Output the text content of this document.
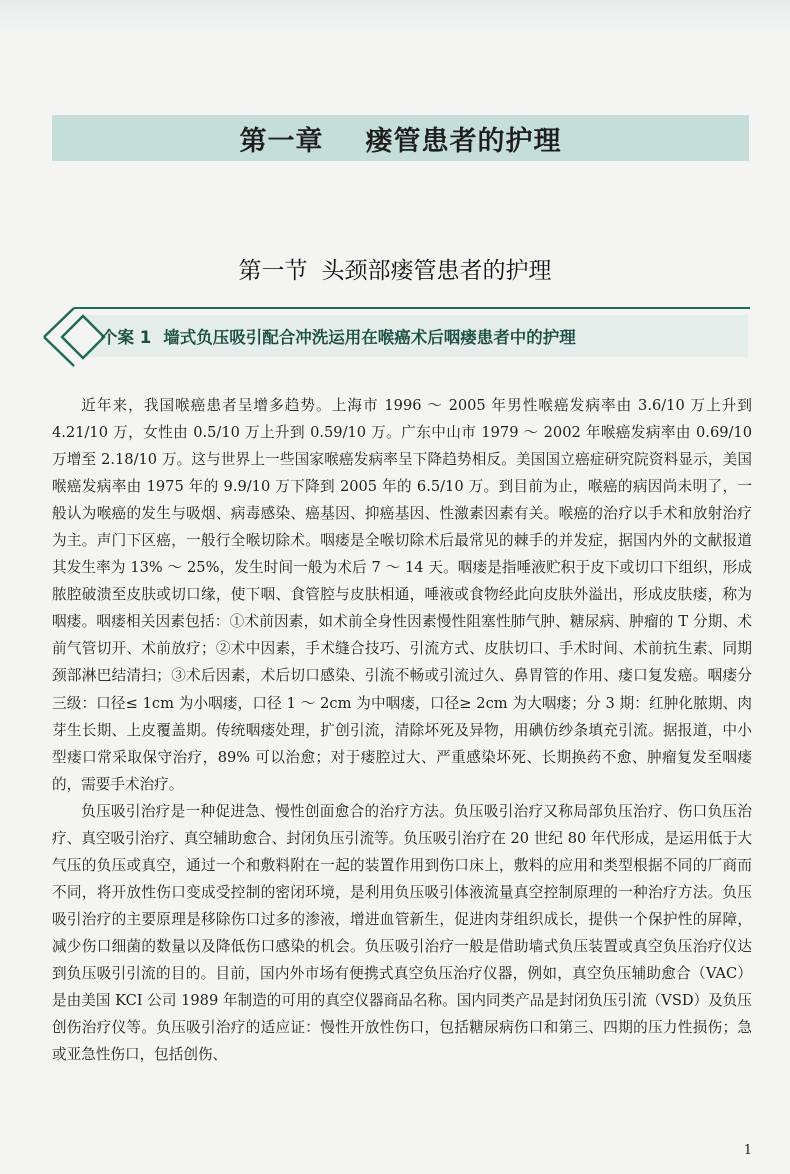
第一章 瘘管患者的护理
第一节 头颈部瘘管患者的护理
个案 1 墙式负压吸引配合冲洗运用在喉癌术后咽瘘患者中的护理

近年来，我国喉癌患者呈增多趋势。上海市 1996 ～ 2005 年男性喉癌发病率由 3.6/10 万上升到 4.21/10 万，女性由 0.5/10 万上升到 0.59/10 万。广东中山市 1979 ～ 2002 年喉癌发病率由 0.69/10 万增至 2.18/10 万。这与世界上一些国家喉癌发病率呈下降趋势相反。美国国立癌症研究院资料显示，美国喉癌发病率由 1975 年的 9.9/10 万下降到 2005 年的 6.5/10 万。到目前为止，喉癌的病因尚未明了，一般认为喉癌的发生与吸烟、病毒感染、癌基因、抑癌基因、性激素因素有关。喉癌的治疗以手术和放射治疗为主。声门下区癌，一般行全喉切除术。咽瘘是全喉切除术后最常见的棘手的并发症，据国内外的文献报道其发生率为 13% ～ 25%，发生时间一般为术后 7 ～ 14 天。咽瘘是指唾液贮积于皮下或切口下组织，形成脓腔破溃至皮肤或切口缘，使下咽、食管腔与皮肤相通，唾液或食物经此向皮肤外溢出，形成皮肤瘘，称为咽瘘。咽瘘相关因素包括：①术前因素，如术前全身性因素慢性阻塞性肺气肿、糖尿病、肿瘤的 T 分期、术前气管切开、术前放疗；②术中因素，手术缝合技巧、引流方式、皮肤切口、手术时间、术前抗生素、同期颈部淋巴结清扫；③术后因素，术后切口感染、引流不畅或引流过久、鼻胃管的作用、瘘口复发癌。咽瘘分三级：口径≤ 1cm 为小咽瘘，口径 1 ～ 2cm 为中咽瘘，口径≥ 2cm 为大咽瘘；分 3 期：红肿化脓期、肉芽生长期、上皮覆盖期。传统咽瘘处理，扩创引流，清除坏死及异物，用碘仿纱条填充引流。据报道，中小型瘘口常采取保守治疗，89% 可以治愈；对于瘘腔过大、严重感染坏死、长期换药不愈、肿瘤复发至咽瘘的，需要手术治疗。

负压吸引治疗是一种促进急、慢性创面愈合的治疗方法。负压吸引治疗又称局部负压治疗、伤口负压治疗、真空吸引治疗、真空辅助愈合、封闭负压引流等。负压吸引治疗在 20 世纪 80 年代形成，是运用低于大气压的负压或真空，通过一个和敷料附在一起的装置作用到伤口床上，敷料的应用和类型根据不同的厂商而不同，将开放性伤口变成受控制的密闭环境，是利用负压吸引体液流量真空控制原理的一种治疗方法。负压吸引治疗的主要原理是移除伤口过多的渗液，增进血管新生，促进肉芽组织成长，提供一个保护性的屏障，减少伤口细菌的数量以及降低伤口感染的机会。负压吸引治疗一般是借助墙式负压装置或真空负压治疗仪达到负压吸引引流的目的。目前，国内外市场有便携式真空负压治疗仪器，例如，真空负压辅助愈合（VAC）是由美国 KCI 公司 1989 年制造的可用的真空仪器商品名称。国内同类产品是封闭负压引流（VSD）及负压创伤治疗仪等。负压吸引治疗的适应证：慢性开放性伤口，包括糖尿病伤口和第三、四期的压力性损伤；急或亚急性伤口，包括创伤、

1
